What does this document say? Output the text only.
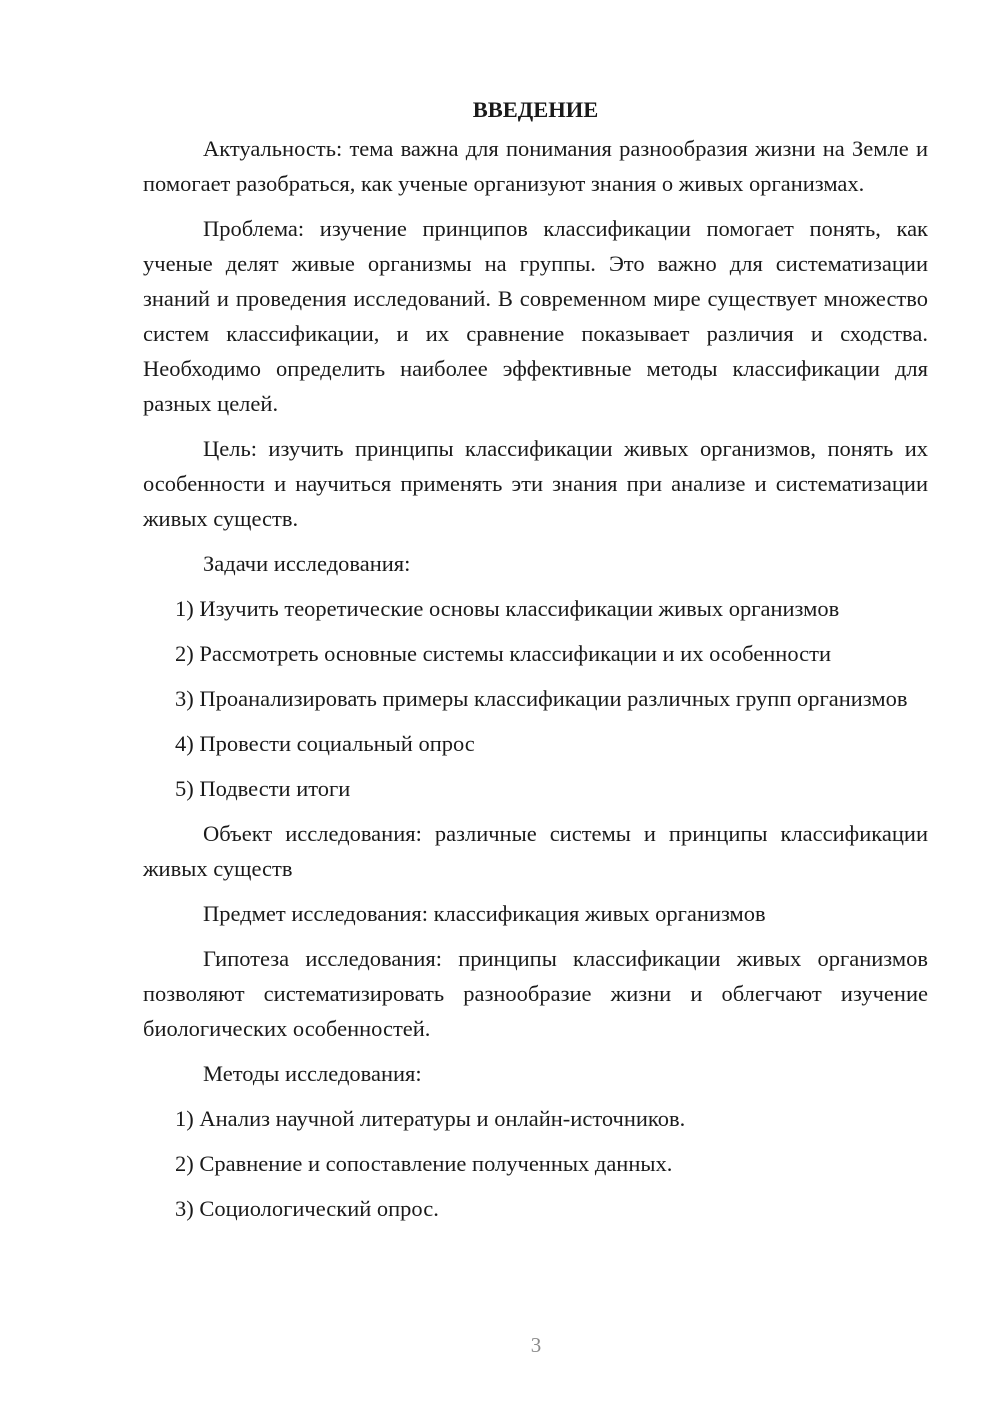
ВВЕДЕНИЕ

Актуальность: тема важна для понимания разнообразия жизни на Земле и помогает разобраться, как ученые организуют знания о живых организмах.

Проблема: изучение принципов классификации помогает понять, как ученые делят живые организмы на группы. Это важно для систематизации знаний и проведения исследований. В современном мире существует множество систем классификации, и их сравнение показывает различия и сходства. Необходимо определить наиболее эффективные методы классификации для разных целей.

Цель: изучить принципы классификации живых организмов, понять их особенности и научиться применять эти знания при анализе и систематизации живых существ.

Задачи исследования:

1) Изучить теоретические основы классификации живых организмов

2) Рассмотреть основные системы классификации и их особенности

3) Проанализировать примеры классификации различных групп организмов

4) Провести социальный опрос

5) Подвести итоги

Объект исследования: различные системы и принципы классификации живых существ

Предмет исследования: классификация живых организмов

Гипотеза исследования: принципы классификации живых организмов позволяют систематизировать разнообразие жизни и облегчают изучение биологических особенностей.

Методы исследования:

1) Анализ научной литературы и онлайн-источников.

2) Сравнение и сопоставление полученных данных.

3) Социологический опрос.

3
